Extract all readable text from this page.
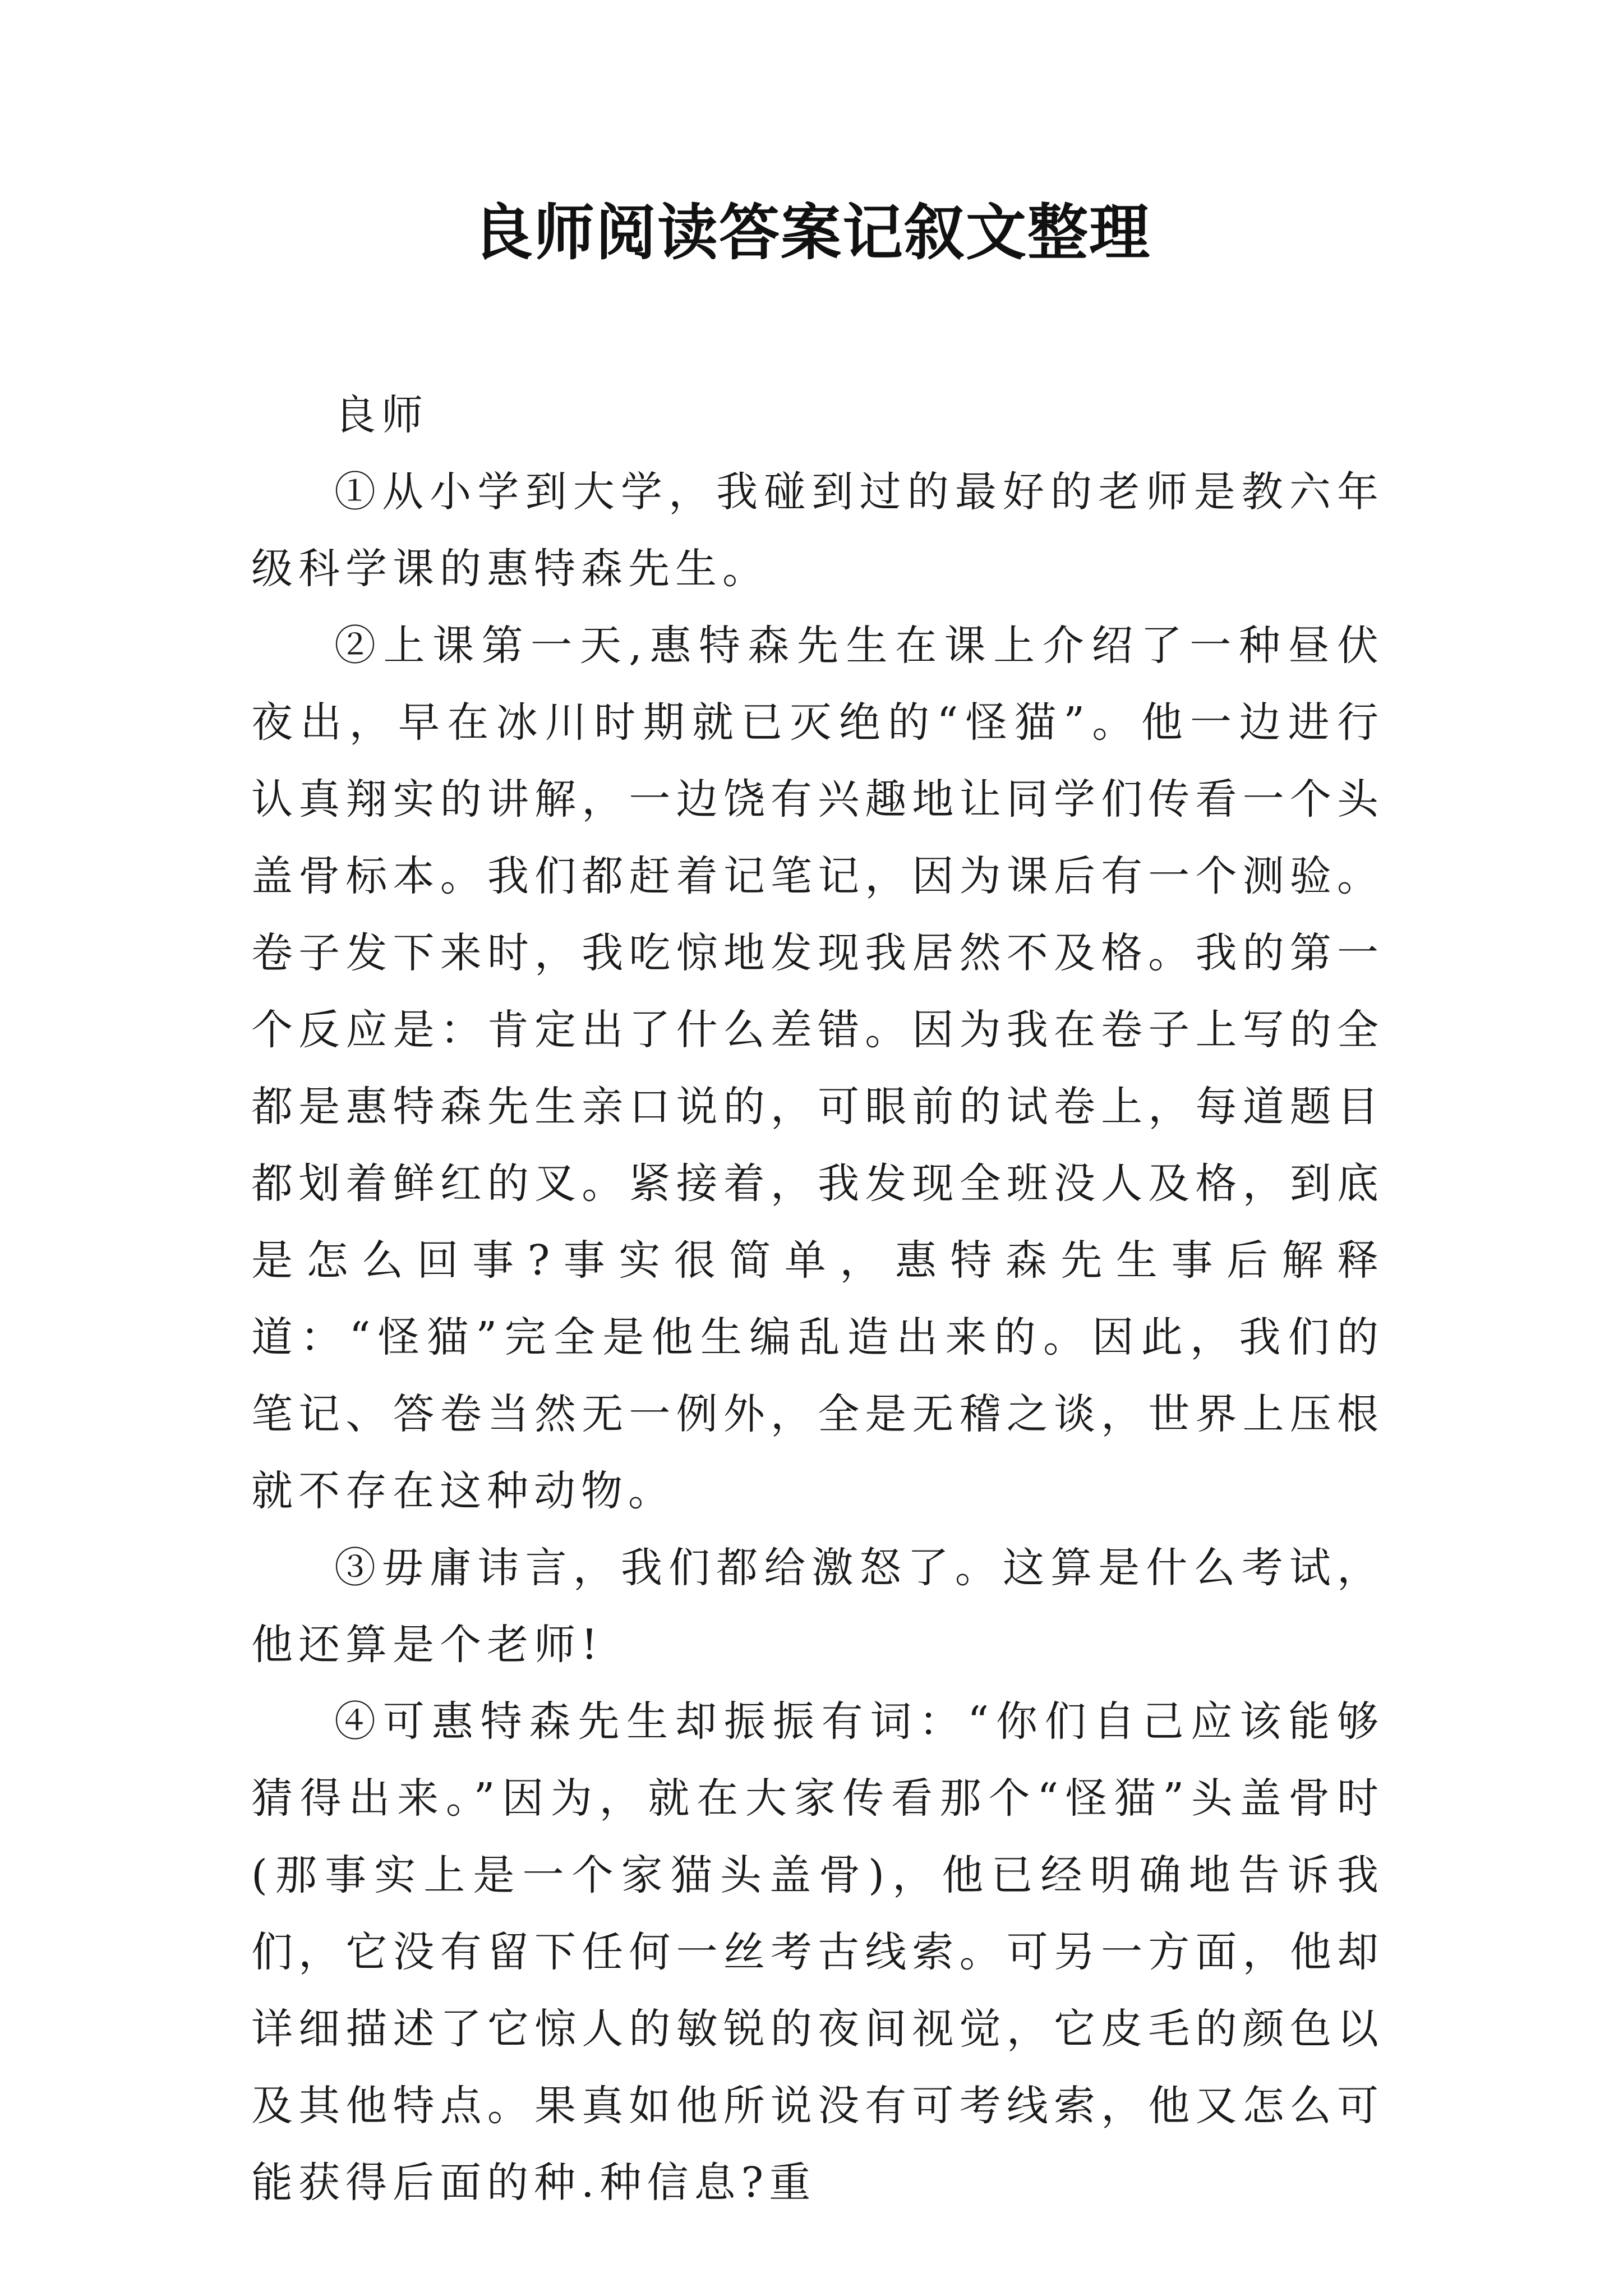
良师阅读答案记叙文整理

良师

①从小学到大学，我碰到过的最好的老师是教六年级科学课的惠特森先生。

②上课第一天,惠特森先生在课上介绍了一种昼伏夜出，早在冰川时期就已灭绝的“怪猫”。他一边进行认真翔实的讲解，一边饶有兴趣地让同学们传看一个头盖骨标本。我们都赶着记笔记，因为课后有一个测验。卷子发下来时，我吃惊地发现我居然不及格。我的第一个反应是：肯定出了什么差错。因为我在卷子上写的全都是惠特森先生亲口说的，可眼前的试卷上，每道题目都划着鲜红的叉。紧接着，我发现全班没人及格，到底是怎么回事?事实很简单，惠特森先生事后解释道：“怪猫”完全是他生编乱造出来的。因此，我们的笔记、答卷当然无一例外，全是无稽之谈，世界上压根就不存在这种动物。

③毋庸讳言，我们都给激怒了。这算是什么考试，他还算是个老师!

④可惠特森先生却振振有词：“你们自己应该能够猜得出来。”因为，就在大家传看那个“怪猫”头盖骨时(那事实上是一个家猫头盖骨)，他已经明确地告诉我们，它没有留下任何一丝考古线索。可另一方面，他却详细描述了它惊人的敏锐的夜间视觉，它皮毛的颜色以及其他特点。果真如他所说没有可考线索，他又怎么可能获得后面的种.种信息?重
